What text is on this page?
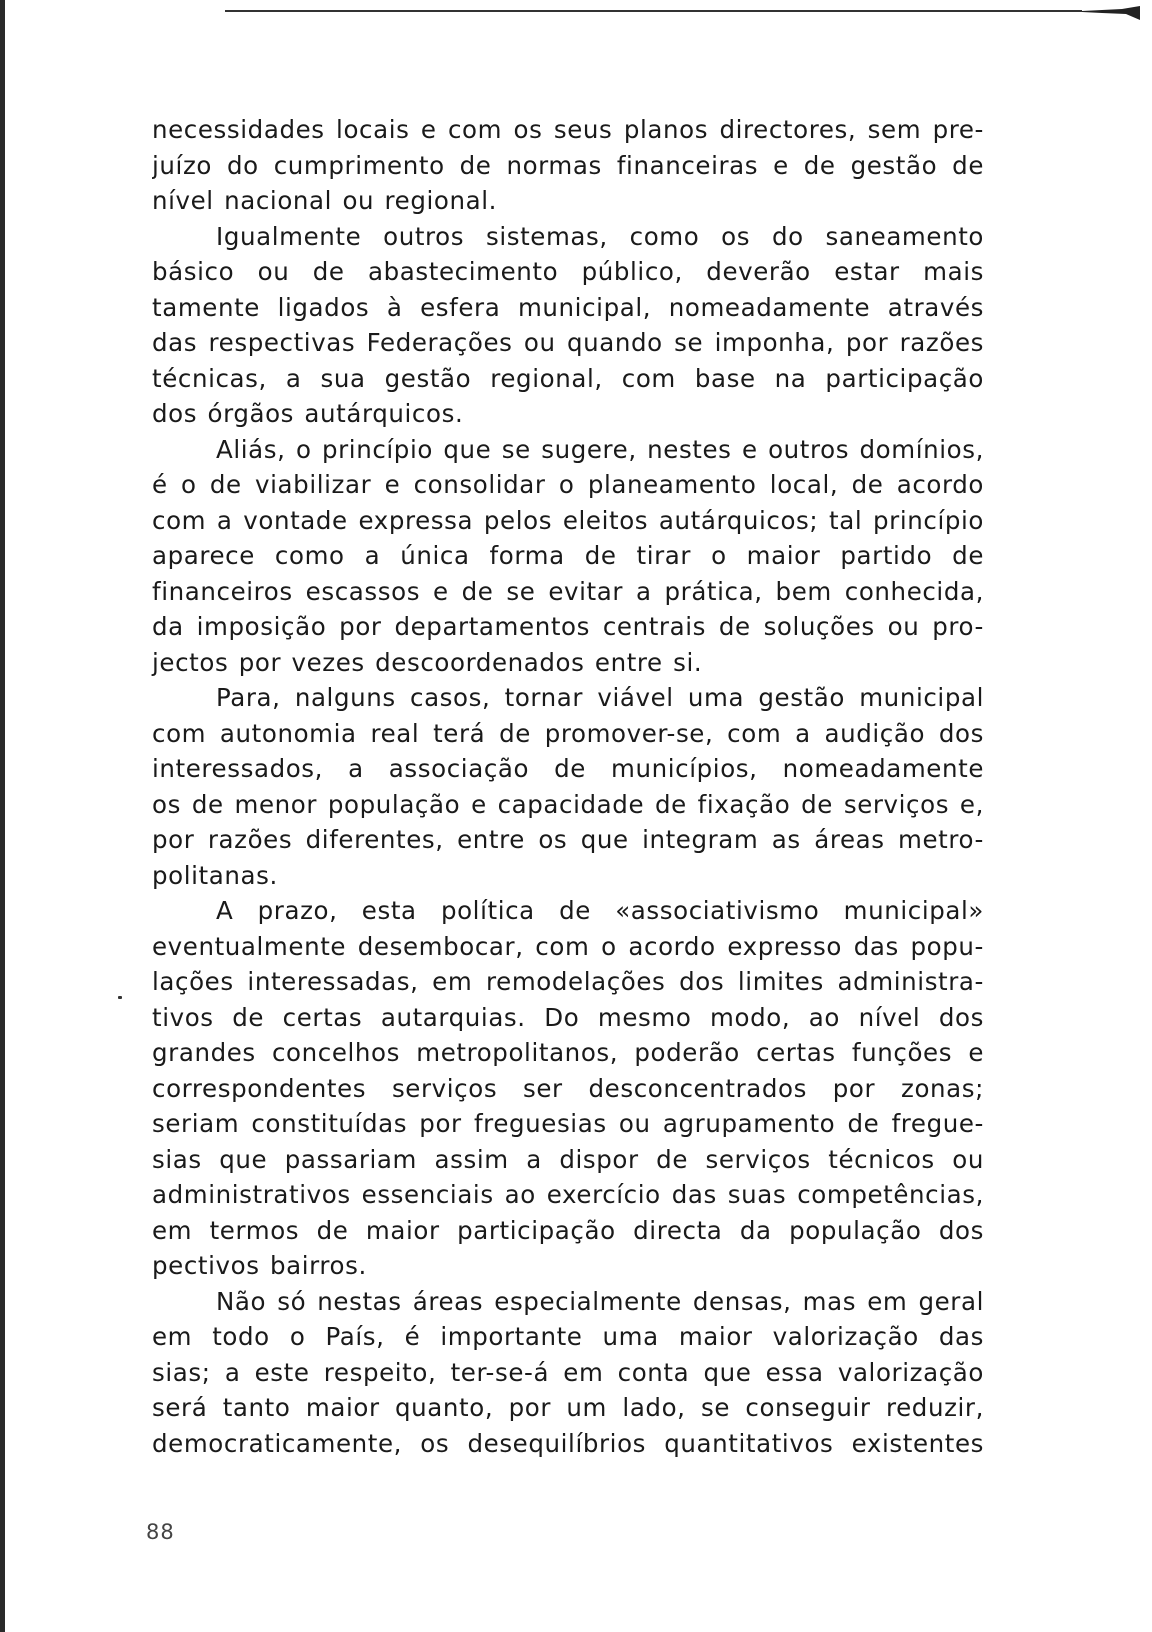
necessidades locais e com os seus planos directores, sem pre-
juízo do cumprimento de normas financeiras e de gestão de
nível nacional ou regional.

Igualmente outros sistemas, como os do saneamento
básico ou de abastecimento público, deverão estar mais
tamente ligados à esfera municipal, nomeadamente através
das respectivas Federações ou quando se imponha, por razões
técnicas, a sua gestão regional, com base na participação
dos órgãos autárquicos.

Aliás, o princípio que se sugere, nestes e outros domínios,
é o de viabilizar e consolidar o planeamento local, de acordo
com a vontade expressa pelos eleitos autárquicos; tal princípio
aparece como a única forma de tirar o maior partido de
financeiros escassos e de se evitar a prática, bem conhecida,
da imposição por departamentos centrais de soluções ou pro-
jectos por vezes descoordenados entre si.

Para, nalguns casos, tornar viável uma gestão municipal
com autonomia real terá de promover-se, com a audição dos
interessados, a associação de municípios, nomeadamente
os de menor população e capacidade de fixação de serviços e,
por razões diferentes, entre os que integram as áreas metro-
politanas.

A prazo, esta política de «associativismo municipal»
eventualmente desembocar, com o acordo expresso das popu-
lações interessadas, em remodelações dos limites administra-
tivos de certas autarquias. Do mesmo modo, ao nível dos
grandes concelhos metropolitanos, poderão certas funções e
correspondentes serviços ser desconcentrados por zonas;
seriam constituídas por freguesias ou agrupamento de fregue-
sias que passariam assim a dispor de serviços técnicos ou
administrativos essenciais ao exercício das suas competências,
em termos de maior participação directa da população dos
pectivos bairros.

Não só nestas áreas especialmente densas, mas em geral
em todo o País, é importante uma maior valorização das
sias; a este respeito, ter-se-á em conta que essa valorização
será tanto maior quanto, por um lado, se conseguir reduzir,
democraticamente, os desequilíbrios quantitativos existentes

88
